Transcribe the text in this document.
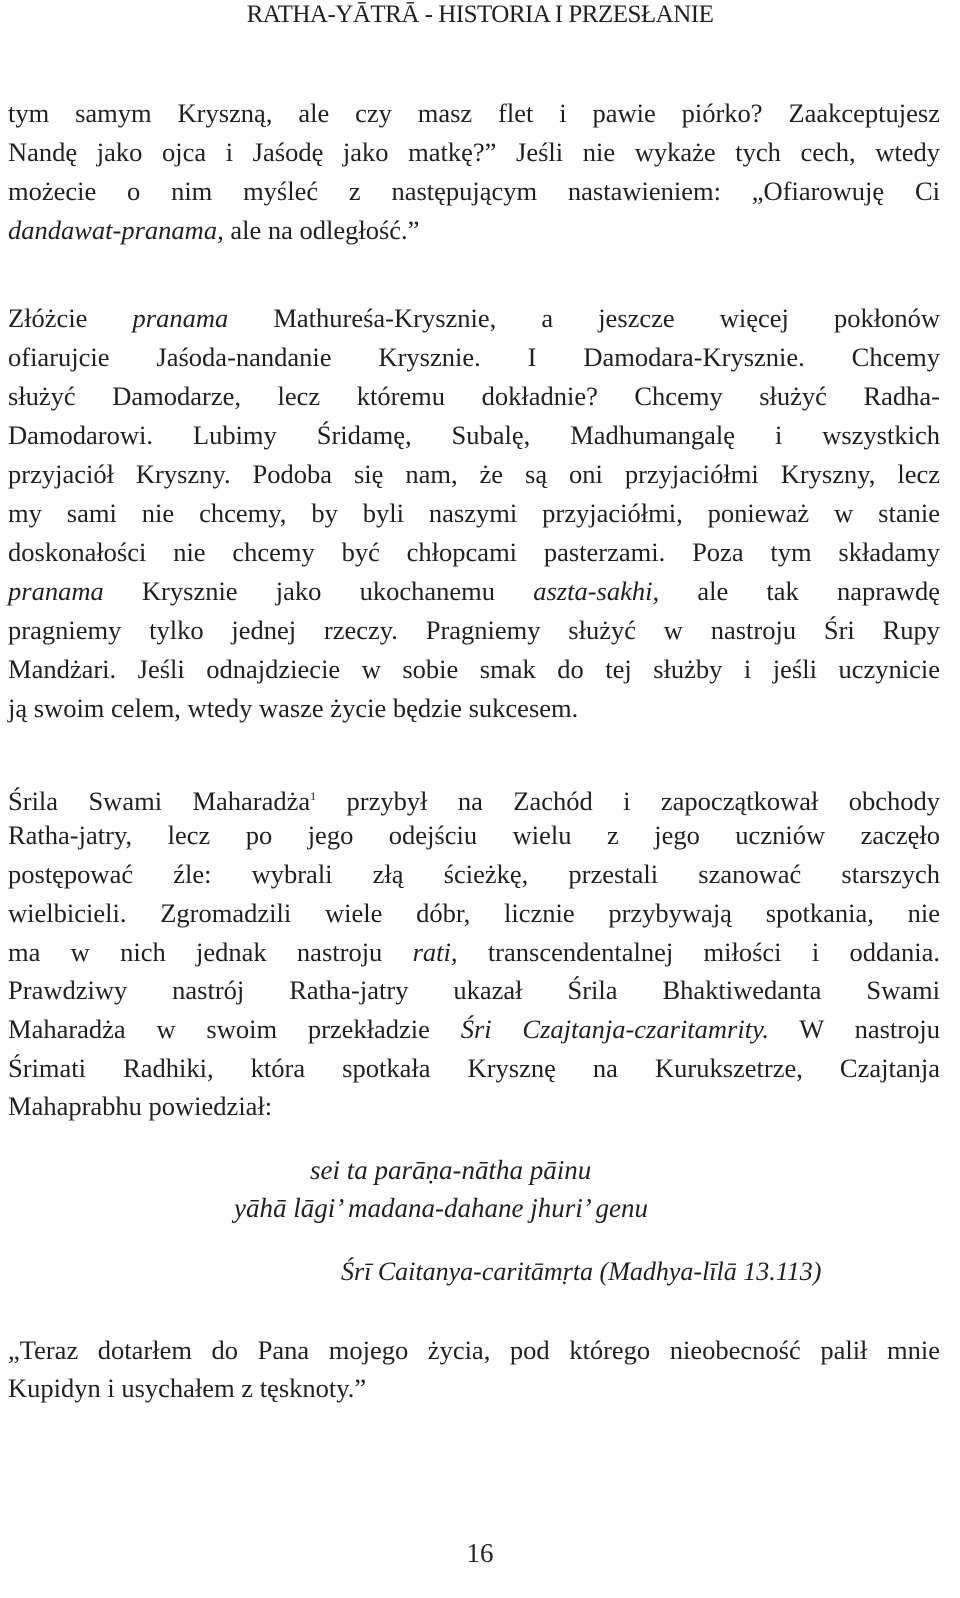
RATHA-YĀTRĀ - HISTORIA I PRZESŁANIE
tym samym Kryszną, ale czy masz flet i pawie piórko? Zaakceptujesz
Nandę jako ojca i Jaśodę jako matkę?” Jeśli nie wykaże tych cech, wtedy
możecie o nim myśleć z następującym nastawieniem: „Ofiarowuję Ci
dandawat-pranama, ale na odległość.”
Złóżcie pranama Mathureśa-Krysznie, a jeszcze więcej pokłonów
ofiarujcie Jaśoda-nandanie Krysznie. I Damodara-Krysznie. Chcemy
służyć Damodarze, lecz któremu dokładnie? Chcemy służyć Radha-
Damodarowi. Lubimy Śridamę, Subalę, Madhumangalę i wszystkich
przyjaciół Kryszny. Podoba się nam, że są oni przyjaciółmi Kryszny, lecz
my sami nie chcemy, by byli naszymi przyjaciółmi, ponieważ w stanie
doskonałości nie chcemy być chłopcami pasterzami. Poza tym składamy
pranama Krysznie jako ukochanemu aszta-sakhi, ale tak naprawdę
pragniemy tylko jednej rzeczy. Pragniemy służyć w nastroju Śri Rupy
Mandżari. Jeśli odnajdziecie w sobie smak do tej służby i jeśli uczynicie
ją swoim celem, wtedy wasze życie będzie sukcesem.
Śrila Swami Maharadża$^1$ przybył na Zachód i zapoczątkował obchody
Ratha-jatry, lecz po jego odejściu wielu z jego uczniów zaczęło
postępować źle: wybrali złą ścieżkę, przestali szanować starszych
wielbicieli. Zgromadzili wiele dóbr, licznie przybywają spotkania, nie
ma w nich jednak nastroju rati, transcendentalnej miłości i oddania.
Prawdziwy nastrój Ratha-jatry ukazał Śrila Bhaktiwedanta Swami
Maharadża w swoim przekładzie Śri Czajtanja-czaritamrity. W nastroju
Śrimati Radhiki, która spotkała Krysznę na Kurukszetrze, Czajtanja
Mahaprabhu powiedział:
„Teraz dotarłem do Pana mojego życia, pod którego nieobecność palił mnie
Kupidyn i usychałem z tęsknoty.”
sei ta parāṇa-nātha pāinu
yāhā lāgi’ madana-dahane jhuri’ genu
Śrī Caitanya-caritāmṛta (Madhya-līlā 13.113)
16
